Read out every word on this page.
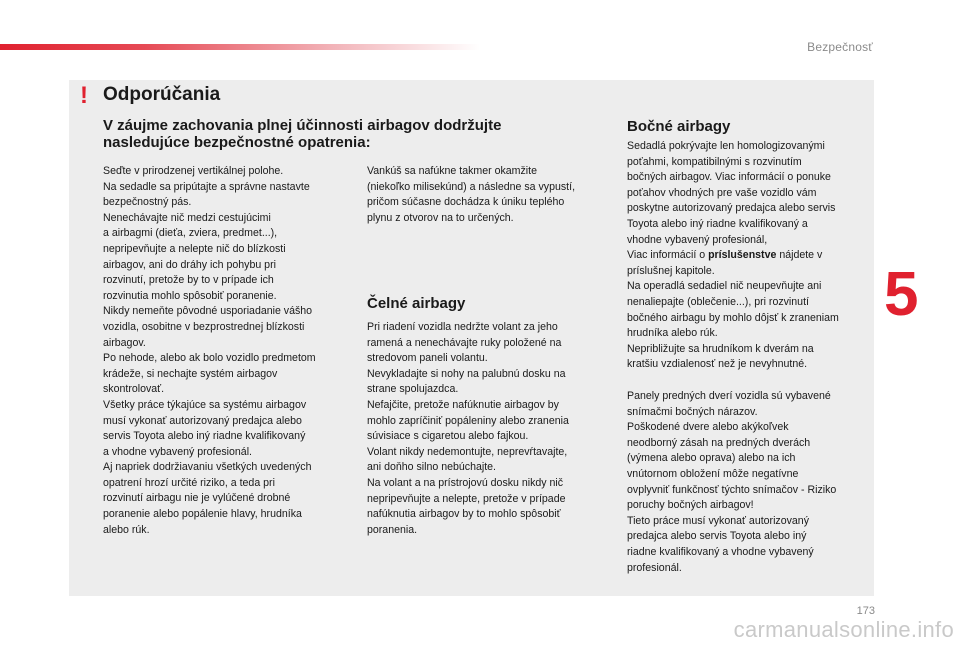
Bezpečnosť
! Odporúčania
V záujme zachovania plnej účinnosti airbagov dodržujte nasledujúce bezpečnostné opatrenia:

Seďte v prirodzenej vertikálnej polohe.

Na sedadle sa pripútajte a správne nastavte

bezpečnostný pás.

Nenechávajte nič medzi cestujúcimi

a airbagmi (dieťa, zviera, predmet...),

nepripevňujte a nelepte nič do blízkosti

airbagov, ani do dráhy ich pohybu pri

rozvinutí, pretože by to v prípade ich

rozvinutia mohlo spôsobiť poranenie.

Nikdy nemeňte pôvodné usporiadanie vášho

vozidla, osobitne v bezprostrednej blízkosti

airbagov.

Po nehode, alebo ak bolo vozidlo predmetom

krádeže, si nechajte systém airbagov

skontrolovať.

Všetky práce týkajúce sa systému airbagov

musí vykonať autorizovaný predajca alebo

servis Toyota alebo iný riadne kvalifikovaný

a vhodne vybavený profesionál.

Aj napriek dodržiavaniu všetkých uvedených

opatrení hrozí určité riziko, a teda pri

rozvinutí airbagu nie je vylúčené drobné

poranenie alebo popálenie hlavy, hrudníka

alebo rúk.

Vankúš sa nafúkne takmer okamžite

(niekoľko milisekúnd) a následne sa vypustí,

pričom súčasne dochádza k úniku teplého

plynu z otvorov na to určených.

Čelné airbagy

Pri riadení vozidla nedržte volant za jeho

ramená a nenechávajte ruky položené na

stredovom paneli volantu.

Nevykladajte si nohy na palubnú dosku na

strane spolujazdca.

Nefajčite, pretože nafúknutie airbagov by

mohlo zapríčiniť popáleniny alebo zranenia

súvisiace s cigaretou alebo fajkou.

Volant nikdy nedemontujte, neprevŕtavajte,

ani doňho silno nebúchajte.

Na volant a na prístrojovú dosku nikdy nič

nepripevňujte a nelepte, pretože v prípade

nafúknutia airbagov by to mohlo spôsobiť

poranenia.

Bočné airbagy

Sedadlá pokrývajte len homologizovanými

poťahmi, kompatibilnými s rozvinutím

bočných airbagov. Viac informácií o ponuke

poťahov vhodných pre vaše vozidlo vám

poskytne autorizovaný predajca alebo servis

Toyota alebo iný riadne kvalifikovaný a

vhodne vybavený profesionál,

Viac informácií o príslušenstve nájdete v

príslušnej kapitole.

Na operadlá sedadiel nič neupevňujte ani

nenaliepajte (oblečenie...), pri rozvinutí

bočného airbagu by mohlo dôjsť k zraneniam

hrudníka alebo rúk.

Nepribližujte sa hrudníkom k dverám na

kratšiu vzdialenosť než je nevyhnutné.

Panely predných dverí vozidla sú vybavené

snímačmi bočných nárazov.

Poškodené dvere alebo akýkoľvek

neodborný zásah na predných dverách

(výmena alebo oprava) alebo na ich

vnútornom obložení môže negatívne

ovplyvniť funkčnosť týchto snímačov - Riziko

poruchy bočných airbagov!

Tieto práce musí vykonať autorizovaný

predajca alebo servis Toyota alebo iný

riadne kvalifikovaný a vhodne vybavený

profesionál.

5
173
carmanualsonline.info
